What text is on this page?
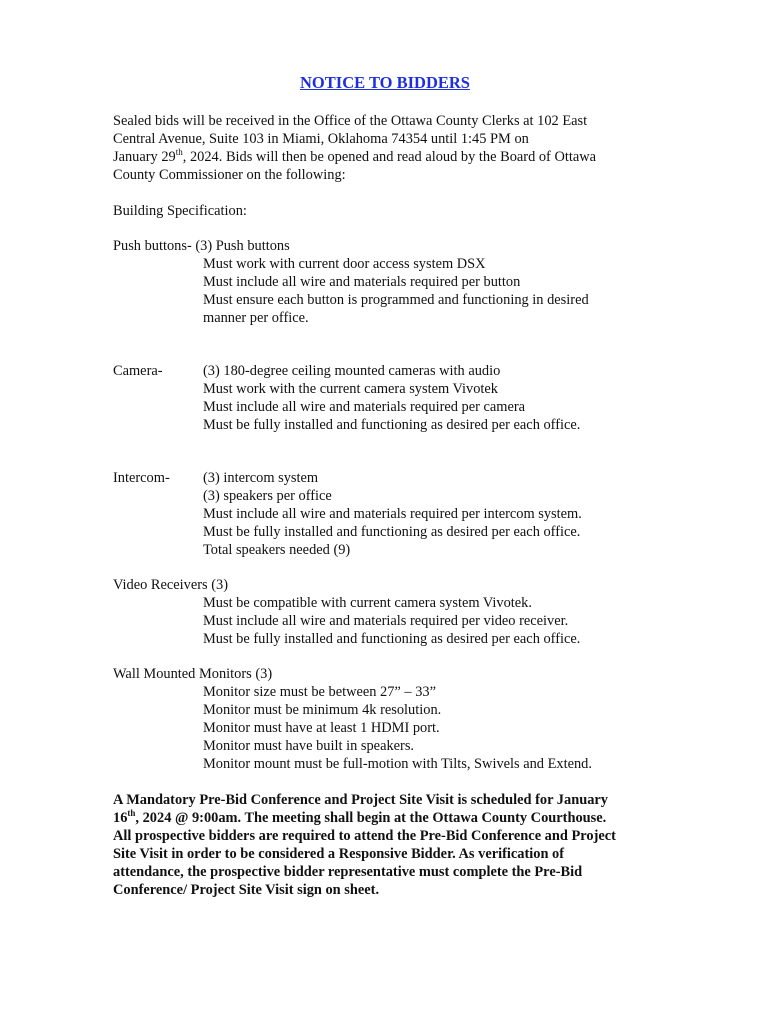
NOTICE TO BIDDERS
Sealed bids will be received in the Office of the Ottawa County Clerks at 102 East
Central Avenue, Suite 103 in Miami, Oklahoma 74354 until 1:45 PM on
January 29th, 2024. Bids will then be opened and read aloud by the Board of Ottawa
County Commissioner on the following:
Building Specification:
Push buttons- (3) Push buttons
Must work with current door access system DSX
Must include all wire and materials required per button
Must ensure each button is programmed and functioning in desired
manner per office.
Camera-	(3) 180-degree ceiling mounted cameras with audio
Must work with the current camera system Vivotek
Must include all wire and materials required per camera
Must be fully installed and functioning as desired per each office.
Intercom- (3) intercom system
(3) speakers per office
Must include all wire and materials required per intercom system.
Must be fully installed and functioning as desired per each office.
Total speakers needed (9)
Video Receivers (3)
Must be compatible with current camera system Vivotek.
Must include all wire and materials required per video receiver.
Must be fully installed and functioning as desired per each office.
Wall Mounted Monitors (3)
Monitor size must be between 27” – 33”
Monitor must be minimum 4k resolution.
Monitor must have at least 1 HDMI port.
Monitor must have built in speakers.
Monitor mount must be full-motion with Tilts, Swivels and Extend.
A Mandatory Pre-Bid Conference and Project Site Visit is scheduled for January
16th, 2024 @ 9:00am. The meeting shall begin at the Ottawa County Courthouse.
All prospective bidders are required to attend the Pre-Bid Conference and Project
Site Visit in order to be considered a Responsive Bidder. As verification of
attendance, the prospective bidder representative must complete the Pre-Bid
Conference/ Project Site Visit sign on sheet.
